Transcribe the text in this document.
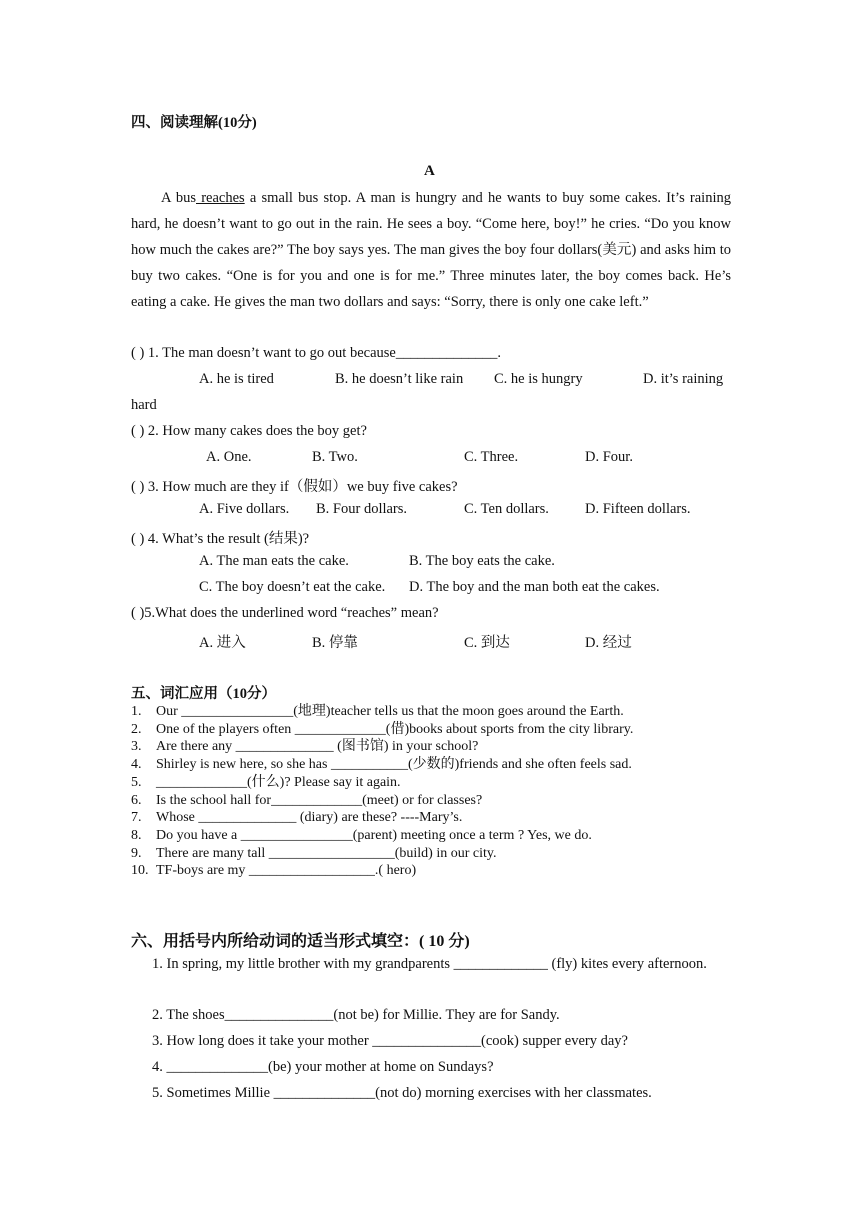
四、阅读理解(10分)
A
A bus reaches a small bus stop. A man is hungry and he wants to buy some cakes. It’s raining hard, he doesn’t want to go out in the rain. He sees a boy. “Come here, boy!” he cries. “Do you know how much the cakes are?” The boy says yes. The man gives the boy four dollars(美元) and asks him to buy two cakes. “One is for you and one is for me.” Three minutes later, the boy comes back. He’s eating a cake. He gives the man two dollars and says: “Sorry, there is only one cake left.”
( ) 1. The man doesn’t want to go out because______________.
A. he is tired	B. he doesn’t like rain C. he is hungry	D. it’s raining
hard
( ) 2. How many cakes does the boy get?
A. One.	B. Two.	C. Three.	D. Four.
( ) 3. How much are they if（假如）we buy five cakes?
A. Five dollars. B. Four dollars.	C. Ten dollars. D. Fifteen dollars.
( ) 4. What’s the result (结果)?
A. The man eats the cake.	B. The boy eats the cake.
C. The boy doesn’t eat the cake. D. The boy and the man both eat the cakes.
( )5.What does the underlined word “reaches” mean?
A. 进入	B. 停靠	C. 到达	D. 经过
五、词汇应用（10分）
1. Our ________________(地理)teacher tells us that the moon goes around the Earth.
2. One of the players often _____________(借)books about sports from the city library.
3. Are there any ______________ (图书馆) in your school?
4. Shirley is new here, so she has ___________(少数的)friends and she often feels sad.
5. _____________(什么)? Please say it again.
6. Is the school hall for_____________(meet) or for classes?
7. Whose ______________ (diary) are these? ----Mary’s.
8. Do you have a ________________(parent) meeting once a term ? Yes, we do.
9. There are many tall __________________(build) in our city.
10. TF-boys are my __________________.( hero)
六、用括号内所给动词的适当形式填空：( 10 分)
1. In spring, my little brother with my grandparents _____________ (fly) kites every afternoon.
2. The shoes_______________(not be) for Millie. They are for Sandy.
3. How long does it take your mother _______________(cook) supper every day?
4. ______________(be) your mother at home on Sundays?
5. Sometimes Millie ______________(not do) morning exercises with her classmates.
